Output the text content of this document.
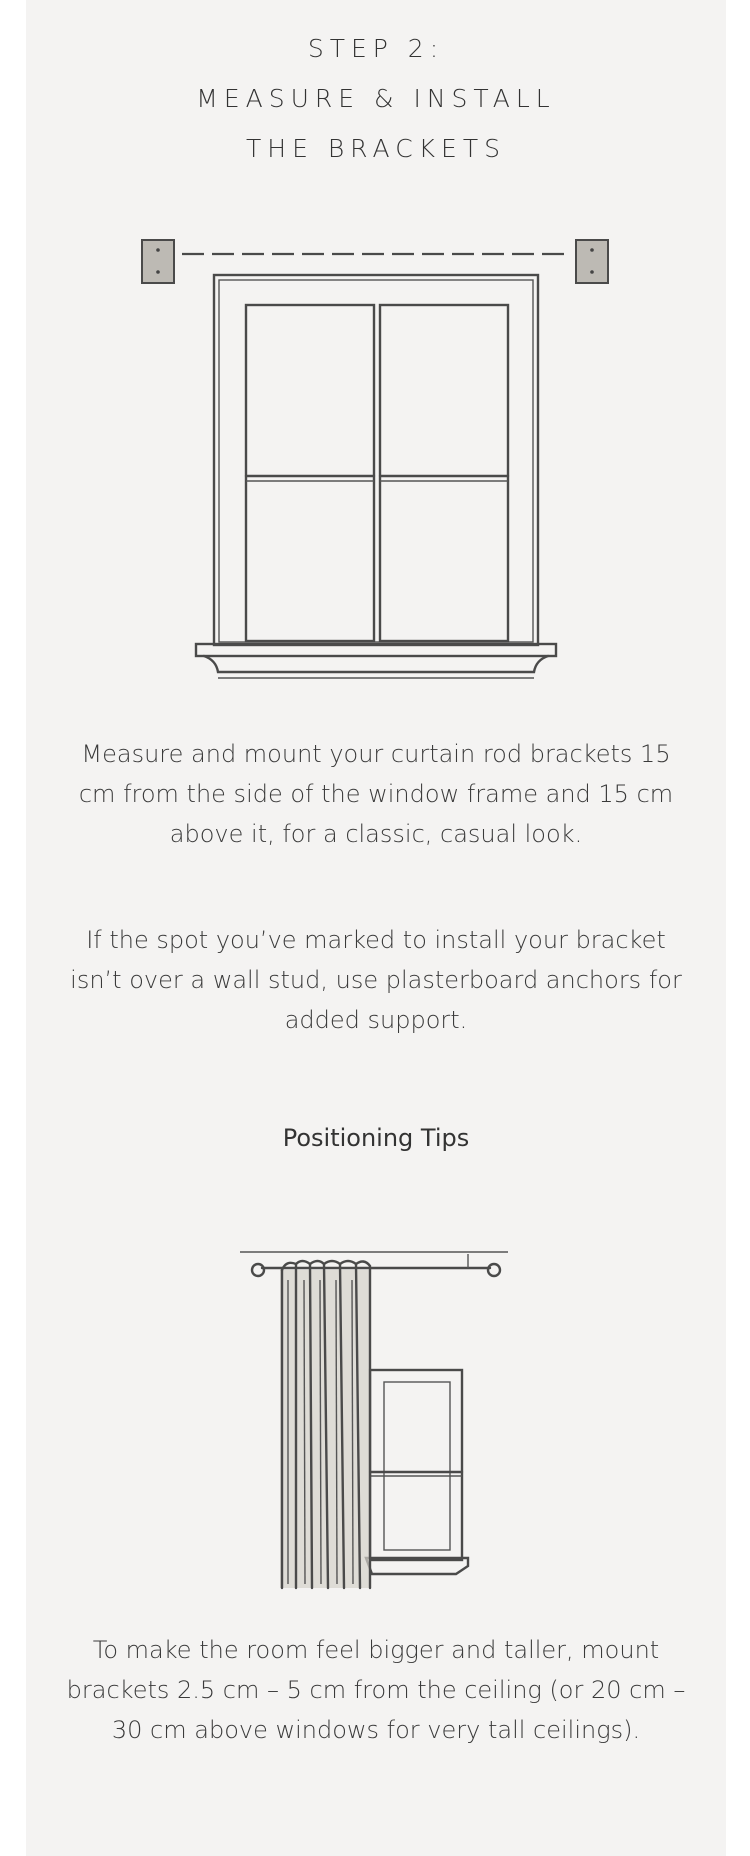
STEP 2:
MEASURE & INSTALL
THE BRACKETS

Measure and mount your curtain rod brackets 15 cm from the side of the window frame and 15 cm above it, for a classic, casual look.

If the spot you’ve marked to install your bracket isn’t over a wall stud, use plasterboard anchors for added support.

Positioning Tips

To make the room feel bigger and taller, mount brackets 2.5 cm – 5 cm from the ceiling (or 20 cm – 30 cm above windows for very tall ceilings).
